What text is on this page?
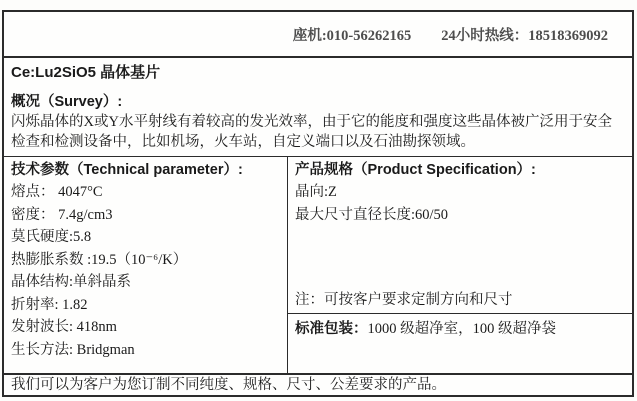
座机:010-56262165 24小时热线：18518369092
Ce:Lu2SiO5 晶体基片
概况（Survey）:
闪烁晶体的X或Y水平射线有着较高的发光效率，由于它的能度和强度这些晶体被广泛用于安全检查和检测设备中，比如机场，火车站，自定义端口以及石油勘探领域。
技术参数（Technical parameter）:
熔点： 4047°C
密度： 7.4g/cm3
莫氏硬度:5.8
热膨胀系数 :19.5（10⁻⁶/K）
晶体结构:单斜晶系
折射率: 1.82
发射波长: 418nm
生长方法: Bridgman
产品规格（Product Specification）:
晶向:Z
最大尺寸直径长度:60/50
注：可按客户要求定制方向和尺寸
标准包装：1000 级超净室，100 级超净袋
我们可以为客户为您订制不同纯度、规格、尺寸、公差要求的产品。
